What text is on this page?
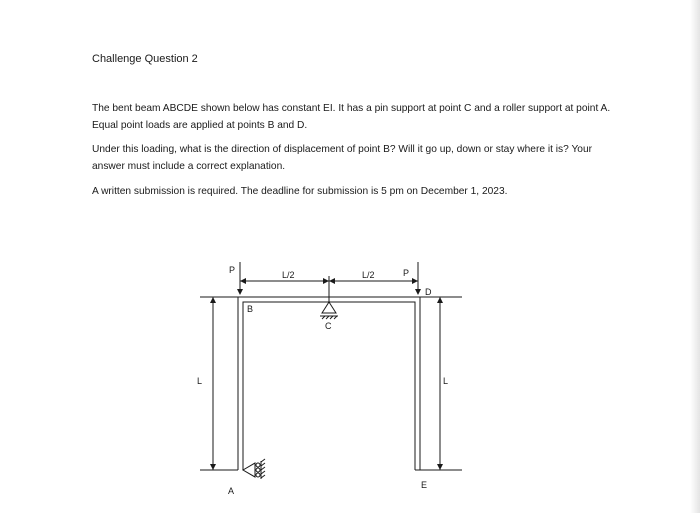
Challenge Question 2

The bent beam ABCDE shown below has constant EI. It has a pin support at point C and a roller support at point A. Equal point loads are applied at points B and D.

Under this loading, what is the direction of displacement of point B? Will it go up, down or stay where it is? Your answer must include a correct explanation.

A written submission is required. The deadline for submission is 5 pm on December 1, 2023.

P	P
L/2	L/2
L	L
A
B
C
D
E
